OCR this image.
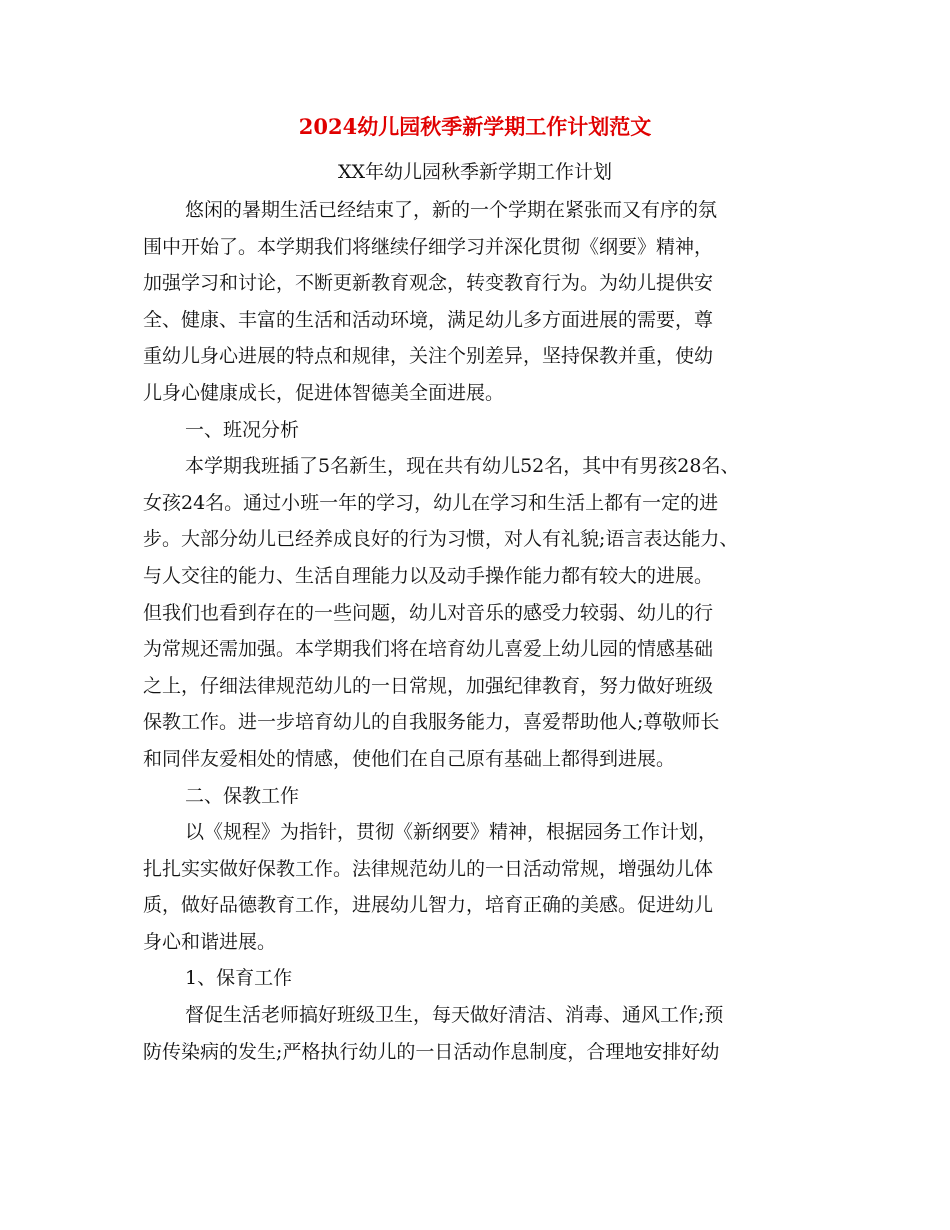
2024幼儿园秋季新学期工作计划范文
XX年幼儿园秋季新学期工作计划
悠闲的暑期生活已经结束了，新的一个学期在紧张而又有序的氛
围中开始了。本学期我们将继续仔细学习并深化贯彻《纲要》精神，
加强学习和讨论，不断更新教育观念，转变教育行为。为幼儿提供安
全、健康、丰富的生活和活动环境，满足幼儿多方面进展的需要，尊
重幼儿身心进展的特点和规律，关注个别差异，坚持保教并重，使幼
儿身心健康成长，促进体智德美全面进展。
一、班况分析
本学期我班插了5名新生，现在共有幼儿52名，其中有男孩28名、
女孩24名。通过小班一年的学习，幼儿在学习和生活上都有一定的进
步。大部分幼儿已经养成良好的行为习惯，对人有礼貌;语言表达能力、
与人交往的能力、生活自理能力以及动手操作能力都有较大的进展。
但我们也看到存在的一些问题，幼儿对音乐的感受力较弱、幼儿的行
为常规还需加强。本学期我们将在培育幼儿喜爱上幼儿园的情感基础
之上，仔细法律规范幼儿的一日常规，加强纪律教育，努力做好班级
保教工作。进一步培育幼儿的自我服务能力，喜爱帮助他人;尊敬师长
和同伴友爱相处的情感，使他们在自己原有基础上都得到进展。
二、保教工作
以《规程》为指针，贯彻《新纲要》精神，根据园务工作计划，
扎扎实实做好保教工作。法律规范幼儿的一日活动常规，增强幼儿体
质，做好品德教育工作，进展幼儿智力，培育正确的美感。促进幼儿
身心和谐进展。
1、保育工作
督促生活老师搞好班级卫生，每天做好清洁、消毒、通风工作;预
防传染病的发生;严格执行幼儿的一日活动作息制度，合理地安排好幼
